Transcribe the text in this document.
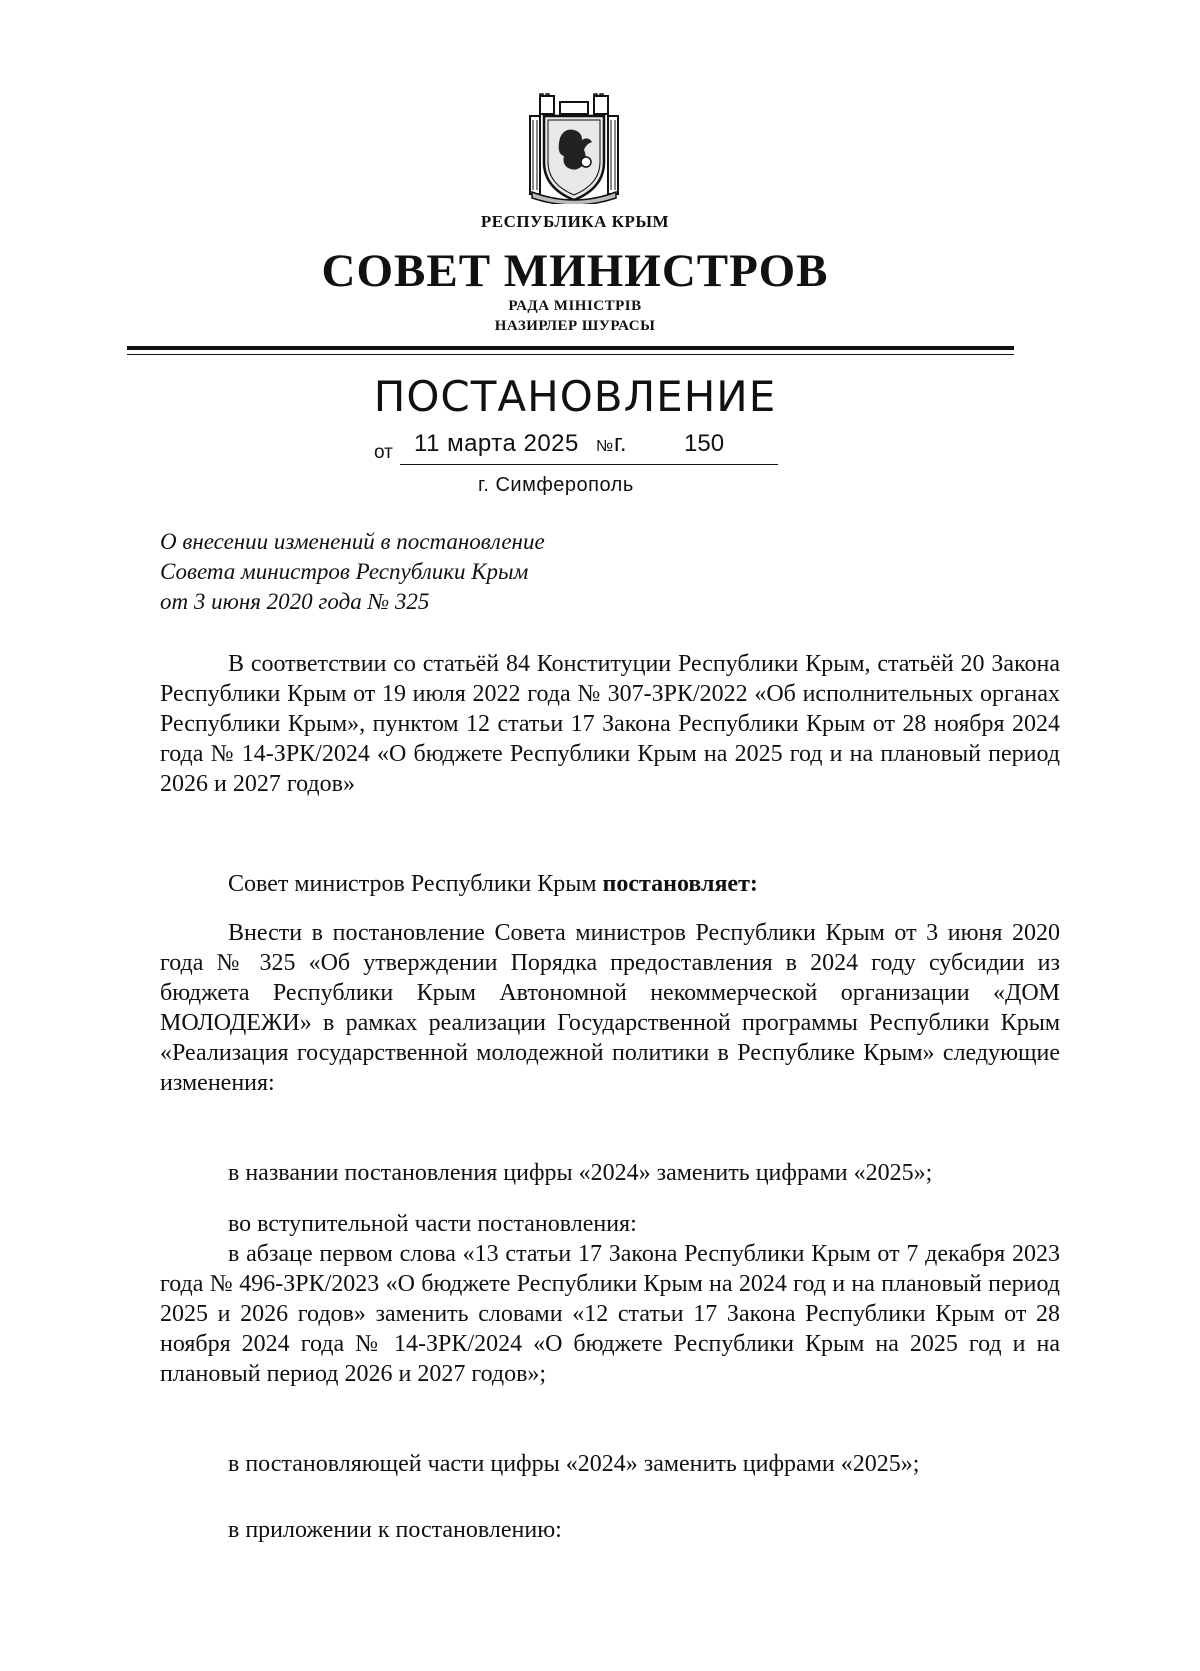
РЕСПУБЛИКА КРЫМ
СОВЕТ МИНИСТРОВ
РАДА МІНІСТРІВ
НАЗИРЛЕР ШУРАСЫ
ПОСТАНОВЛЕНИЕ
от 11 марта 2025 № г. 150
г. Симферополь
О внесении изменений в постановление
Совета министров Республики Крым
от 3 июня 2020 года № 325

В соответствии со статьёй 84 Конституции Республики Крым, статьёй 20 Закона Республики Крым от 19 июля 2022 года № 307-ЗРК/2022 «Об исполнительных органах Республики Крым», пунктом 12 статьи 17 Закона Республики Крым от 28 ноября 2024 года № 14-ЗРК/2024 «О бюджете Республики Крым на 2025 год и на плановый период 2026 и 2027 годов»

Совет министров Республики Крым постановляет:

Внести в постановление Совета министров Республики Крым от 3 июня 2020 года № 325 «Об утверждении Порядка предоставления в 2024 году субсидии из бюджета Республики Крым Автономной некоммерческой организации «ДОМ МОЛОДЕЖИ» в рамках реализации Государственной программы Республики Крым «Реализация государственной молодежной политики в Республике Крым» следующие изменения:

в названии постановления цифры «2024» заменить цифрами «2025»;

во вступительной части постановления:

в абзаце первом слова «13 статьи 17 Закона Республики Крым от 7 декабря 2023 года № 496-ЗРК/2023 «О бюджете Республики Крым на 2024 год и на плановый период 2025 и 2026 годов» заменить словами «12 статьи 17 Закона Республики Крым от 28 ноября 2024 года № 14-ЗРК/2024 «О бюджете Республики Крым на 2025 год и на плановый период 2026 и 2027 годов»;

в постановляющей части цифры «2024» заменить цифрами «2025»;

в приложении к постановлению:
